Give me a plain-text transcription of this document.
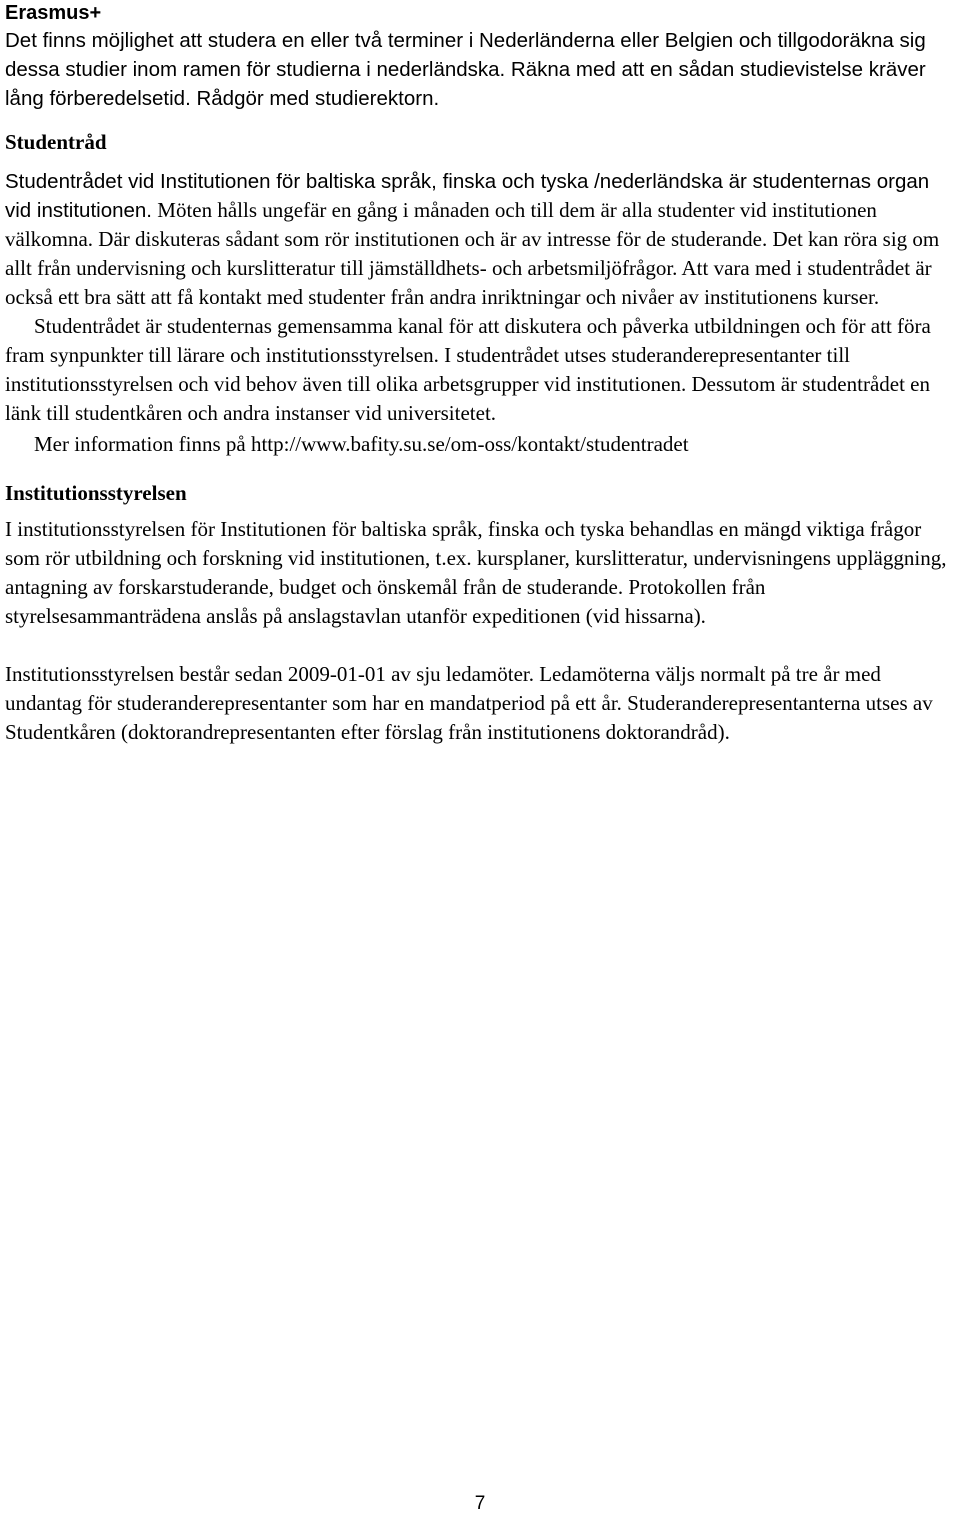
Erasmus+

Det finns möjlighet att studera en eller två terminer i Nederländerna eller Belgien och tillgodoräkna sig dessa studier inom ramen för studierna i nederländska. Räkna med att en sådan studievistelse kräver lång förberedelsetid. Rådgör med studierektorn.

Studentråd

Studentrådet vid Institutionen för baltiska språk, finska och tyska /nederländska är studenternas organ vid institutionen. Möten hålls ungefär en gång i månaden och till dem är alla studenter vid institutionen välkomna. Där diskuteras sådant som rör institutionen och är av intresse för de studerande. Det kan röra sig om allt från undervisning och kurslitteratur till jämställdhets- och arbetsmiljöfrågor. Att vara med i studentrådet är också ett bra sätt att få kontakt med studenter från andra inriktningar och nivåer av institutionens kurser.

Studentrådet är studenternas gemensamma kanal för att diskutera och påverka utbildningen och för att föra fram synpunkter till lärare och institutionsstyrelsen. I studentrådet utses studeranderepresentanter till institutionsstyrelsen och vid behov även till olika arbetsgrupper vid institutionen. Dessutom är studentrådet en länk till studentkåren och andra instanser vid universitetet.

Mer information finns på http://www.bafity.su.se/om-oss/kontakt/studentradet

Institutionsstyrelsen

I institutionsstyrelsen för Institutionen för baltiska språk, finska och tyska behandlas en mängd viktiga frågor som rör utbildning och forskning vid institutionen, t.ex. kursplaner, kurslitteratur, undervisningens uppläggning, antagning av forskarstuderande, budget och önskemål från de studerande. Protokollen från styrelsesammanträdena anslås på anslagstavlan utanför expeditionen (vid hissarna).

Institutionsstyrelsen består sedan 2009-01-01 av sju ledamöter. Ledamöterna väljs normalt på tre år med undantag för studeranderepresentanter som har en mandatperiod på ett år. Studeranderepresentanterna utses av Studentkåren (doktorandrepresentanten efter förslag från institutionens doktorandråd).

7
